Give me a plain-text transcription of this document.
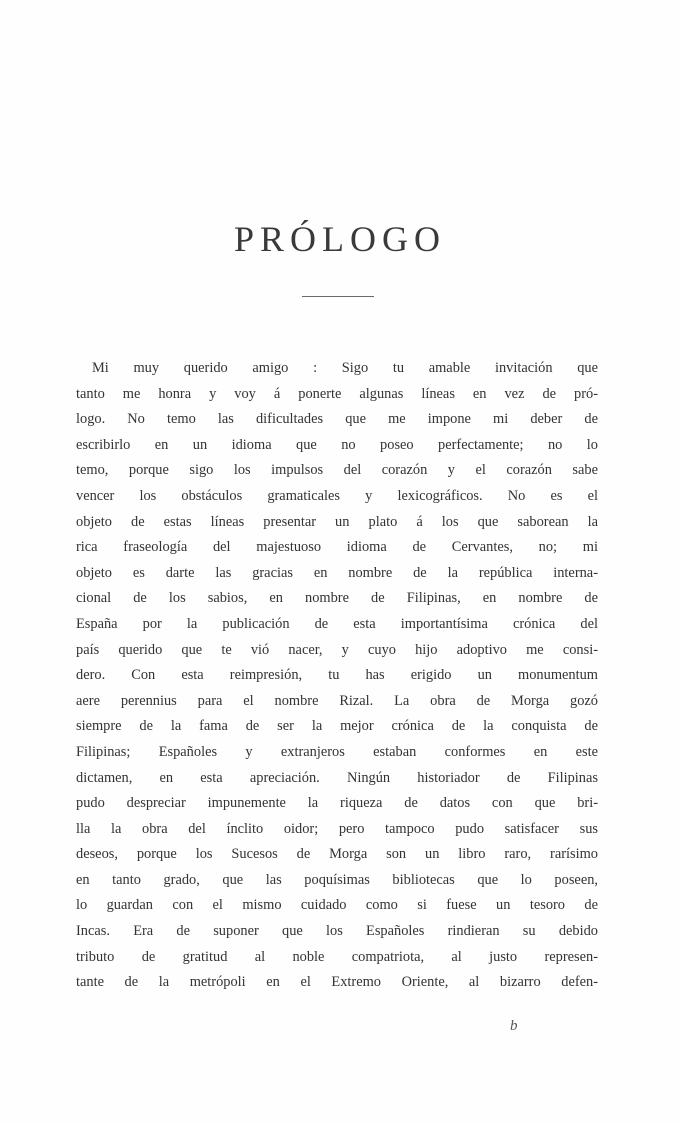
PRÓLOGO
Mi muy querido amigo : Sigo tu amable invitación que
tanto me honra y voy á ponerte algunas líneas en vez de pró-
logo. No temo las dificultades que me impone mi deber de
escribirlo en un idioma que no poseo perfectamente; no lo
temo, porque sigo los impulsos del corazón y el corazón sabe
vencer los obstáculos gramaticales y lexicográficos. No es el
objeto de estas líneas presentar un plato á los que saborean la
rica fraseología del majestuoso idioma de Cervantes, no; mi
objeto es darte las gracias en nombre de la república interna-
cional de los sabios, en nombre de Filipinas, en nombre de
España por la publicación de esta importantísima crónica del
país querido que te vió nacer, y cuyo hijo adoptivo me consi-
dero. Con esta reimpresión, tu has erigido un monumentum
aere perennius para el nombre Rizal. La obra de Morga gozó
siempre de la fama de ser la mejor crónica de la conquista de
Filipinas; Españoles y extranjeros estaban conformes en este
dictamen, en esta apreciación. Ningún historiador de Filipinas
pudo despreciar impunemente la riqueza de datos con que bri-
lla la obra del ínclito oidor; pero tampoco pudo satisfacer sus
deseos, porque los Sucesos de Morga son un libro raro, rarísimo
en tanto grado, que las poquísimas bibliotecas que lo poseen,
lo guardan con el mismo cuidado como si fuese un tesoro de
Incas. Era de suponer que los Españoles rindieran su debido
tributo de gratitud al noble compatriota, al justo represen-
tante de la metrópoli en el Extremo Oriente, al bizarro defen-
b
